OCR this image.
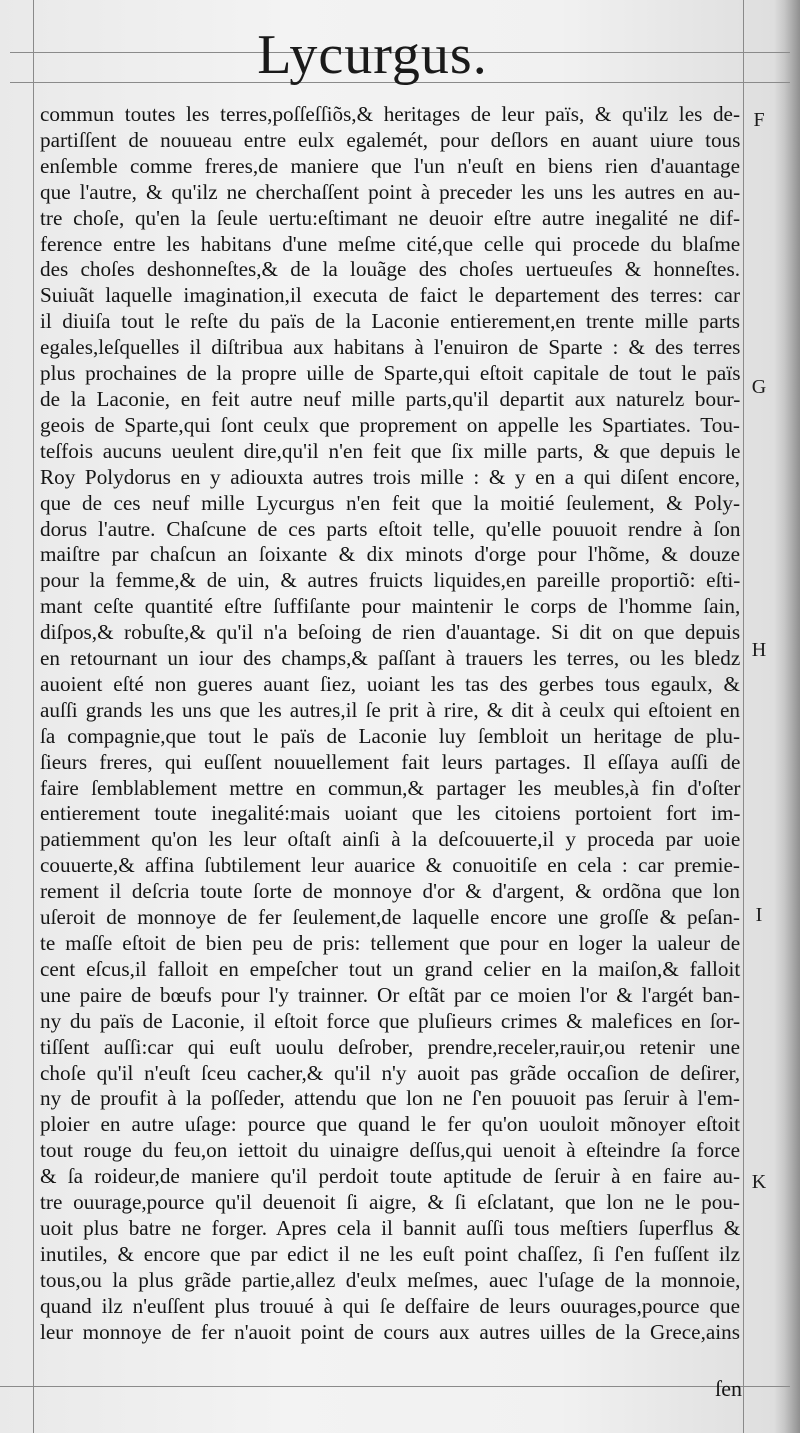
Lycurgus.
commun toutes les terres,poſſeſſiõs,& heritages de leur païs, & qu'ilz les de-
partiſſent de nouueau entre eulx egalemét, pour deſlors en auant uiure tous
enſemble comme freres,de maniere que l'un n'euſt en biens rien d'auantage
que l'autre, & qu'ilz ne cherchaſſent point à preceder les uns les autres en au-
tre choſe, qu'en la ſeule uertu:eſtimant ne deuoir eſtre autre inegalité ne dif-
ference entre les habitans d'une meſme cité,que celle qui procede du blaſme
des choſes deshonneſtes,& de la louãge des choſes uertueuſes & honneſtes.
Suiuãt laquelle imagination,il executa de faict le departement des terres: car
il diuiſa tout le reſte du païs de la Laconie entierement,en trente mille parts
egales,leſquelles il diſtribua aux habitans à l'enuiron de Sparte : & des terres
plus prochaines de la propre uille de Sparte,qui eſtoit capitale de tout le païs
de la Laconie, en feit autre neuf mille parts,qu'il departit aux naturelz bour-
geois de Sparte,qui ſont ceulx que proprement on appelle les Spartiates. Tou-
teſfois aucuns ueulent dire,qu'il n'en feit que ſix mille parts, & que depuis le
Roy Polydorus en y adiouxta autres trois mille : & y en a qui diſent encore,
que de ces neuf mille Lycurgus n'en feit que la moitié ſeulement, & Poly-
dorus l'autre. Chaſcune de ces parts eſtoit telle, qu'elle pouuoit rendre à ſon
maiſtre par chaſcun an ſoixante & dix minots d'orge pour l'hõme, & douze
pour la femme,& de uin, & autres fruicts liquides,en pareille proportiõ: eſti-
mant ceſte quantité eſtre ſuffiſante pour maintenir le corps de l'homme ſain,
diſpos,& robuſte,& qu'il n'a beſoing de rien d'auantage. Si dit on que depuis
en retournant un iour des champs,& paſſant à trauers les terres, ou les bledz
auoient eſté non gueres auant ſiez, uoiant les tas des gerbes tous egaulx, &
auſſi grands les uns que les autres,il ſe prit à rire, & dit à ceulx qui eſtoient en
ſa compagnie,que tout le païs de Laconie luy ſembloit un heritage de plu-
ſieurs freres, qui euſſent nouuellement fait leurs partages. Il eſſaya auſſi de
faire ſemblablement mettre en commun,& partager les meubles,à fin d'oſter
entierement toute inegalité:mais uoiant que les citoiens portoient fort im-
patiemment qu'on les leur oſtaſt ainſi à la deſcouuerte,il y proceda par uoie
couuerte,& affina ſubtilement leur auarice & conuoitiſe en cela : car premie-
rement il deſcria toute ſorte de monnoye d'or & d'argent, & ordõna que lon
uſeroit de monnoye de fer ſeulement,de laquelle encore une groſſe & peſan-
te maſſe eſtoit de bien peu de pris: tellement que pour en loger la ualeur de
cent eſcus,il falloit en empeſcher tout un grand celier en la maiſon,& falloit
une paire de bœufs pour l'y trainner. Or eſtãt par ce moien l'or & l'argét ban-
ny du païs de Laconie, il eſtoit force que pluſieurs crimes & malefices en ſor-
tiſſent auſſi:car qui euſt uoulu deſrober, prendre,receler,rauir,ou retenir une
choſe qu'il n'euſt ſceu cacher,& qu'il n'y auoit pas grãde occaſion de deſirer,
ny de proufit à la poſſeder, attendu que lon ne ſ'en pouuoit pas ſeruir à l'em-
ploier en autre uſage: pource que quand le fer qu'on uouloit mõnoyer eſtoit
tout rouge du feu,on iettoit du uinaigre deſſus,qui uenoit à eſteindre ſa force
& ſa roideur,de maniere qu'il perdoit toute aptitude de ſeruir à en faire au-
tre ouurage,pource qu'il deuenoit ſi aigre, & ſi eſclatant, que lon ne le pou-
uoit plus batre ne forger. Apres cela il bannit auſſi tous meſtiers ſuperflus &
inutiles, & encore que par edict il ne les euſt point chaſſez, ſi ſ'en fuſſent ilz
tous,ou la plus grãde partie,allez d'eulx meſmes, auec l'uſage de la monnoie,
quand ilz n'euſſent plus trouué à qui ſe deſfaire de leurs ouurages,pource que
leur monnoye de fer n'auoit point de cours aux autres uilles de la Grece,ains
F
G
H
I
K
ſen
